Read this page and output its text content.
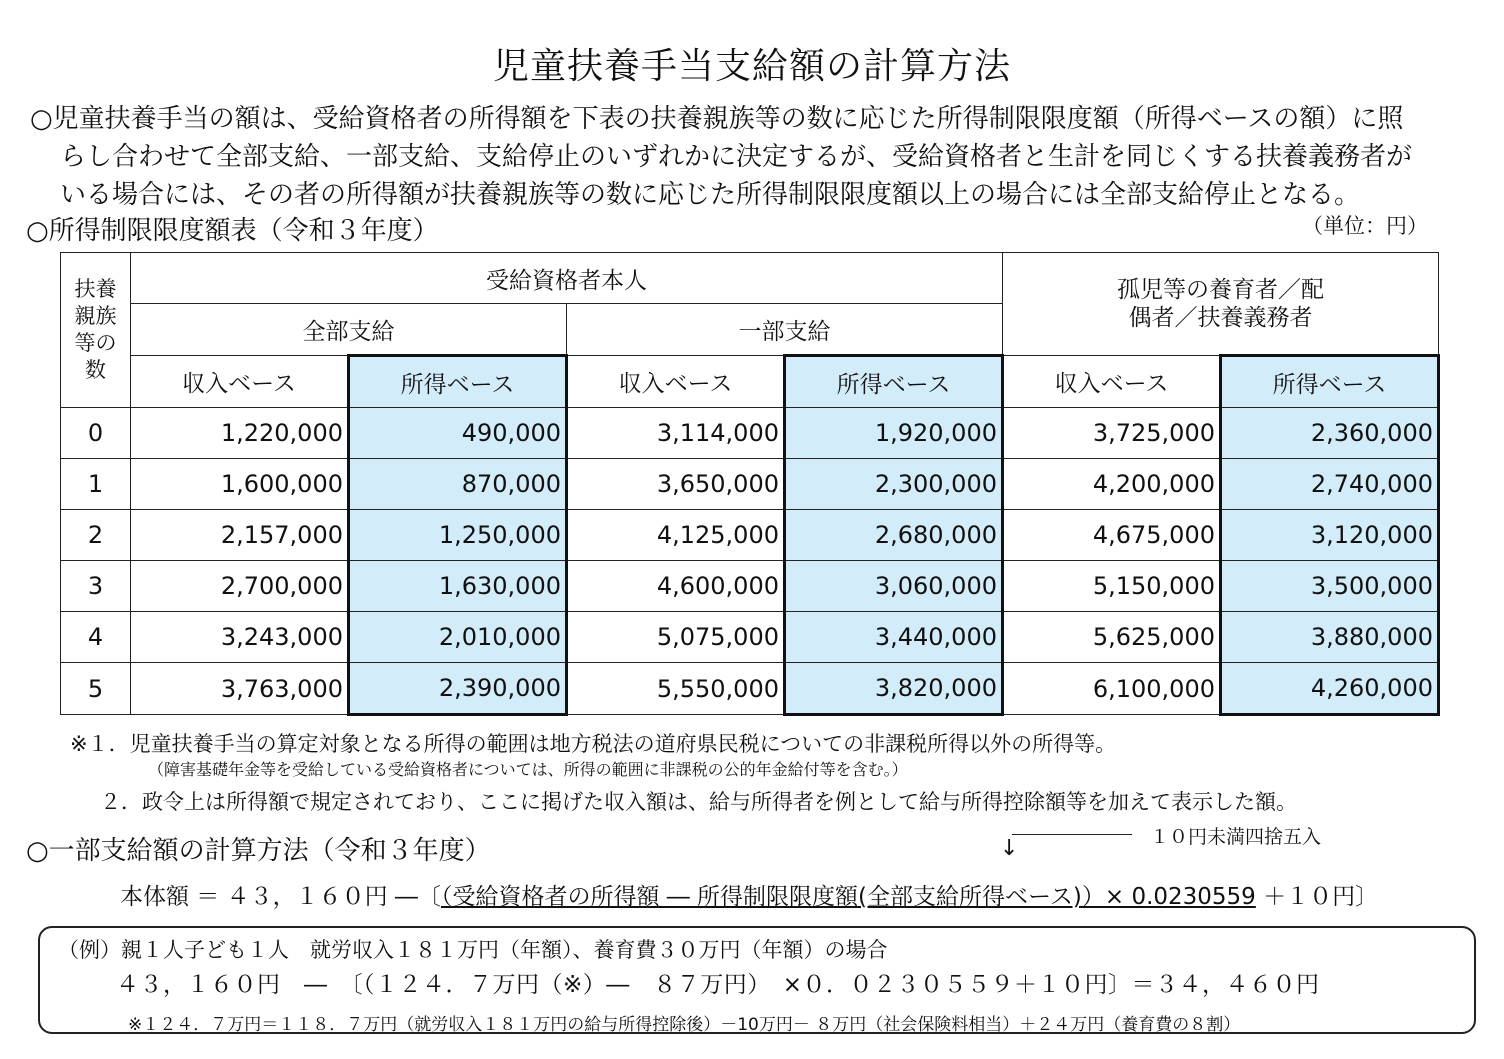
児童扶養手当支給額の計算方法
○児童扶養手当の額は、受給資格者の所得額を下表の扶養親族等の数に応じた所得制限限度額（所得ベースの額）に照
らし合わせて全部支給、一部支給、支給停止のいずれかに決定するが、受給資格者と生計を同じくする扶養義務者が
いる場合には、その者の所得額が扶養親族等の数に応じた所得制限限度額以上の場合には全部支給停止となる。
○所得制限限度額表（令和３年度）	（単位：円）
扶養親族等の数	受給資格者本人				孤児等の養育者／配偶者／扶養義務者	

	全部支給		一部支給			
	収入ベース	所得ベース	収入ベース	所得ベース	収入ベース	所得ベース
0	1,220,000	490,000	3,114,000	1,920,000	3,725,000	2,360,000
1	1,600,000	870,000	3,650,000	2,300,000	4,200,000	2,740,000
2	2,157,000	1,250,000	4,125,000	2,680,000	4,675,000	3,120,000
3	2,700,000	1,630,000	4,600,000	3,060,000	5,150,000	3,500,000
4	3,243,000	2,010,000	5,075,000	3,440,000	5,625,000	3,880,000
5	3,763,000	2,390,000	5,550,000	3,820,000	6,100,000	4,260,000
※１．児童扶養手当の算定対象となる所得の範囲は地方税法の道府県民税についての非課税所得以外の所得等。
（障害基礎年金等を受給している受給資格者については、所得の範囲に非課税の公的年金給付等を含む。）
２．政令上は所得額で規定されており、ここに掲げた収入額は、給与所得者を例として給与所得控除額等を加えて表示した額。
○一部支給額の計算方法（令和３年度）	↓	１０円未満四捨五入
本体額 ＝ ４３，１６０円 ―〔（受給資格者の所得額 ― 所得制限限度額(全部支給所得ベース)）× 0.0230559 ＋１０円〕
（例）親１人子ども１人　就労収入１８１万円（年額）、養育費３０万円（年額）の場合
４３，１６０円　―　〔（１２４．７万円（※）―　８７万円）　×０．０２３０５５９＋１０円〕＝３４，４６０円
※１２４．７万円＝１１８．７万円（就労収入１８１万円の給与所得控除後）－10万円－ ８万円（社会保険料相当）＋２４万円（養育費の８割）
